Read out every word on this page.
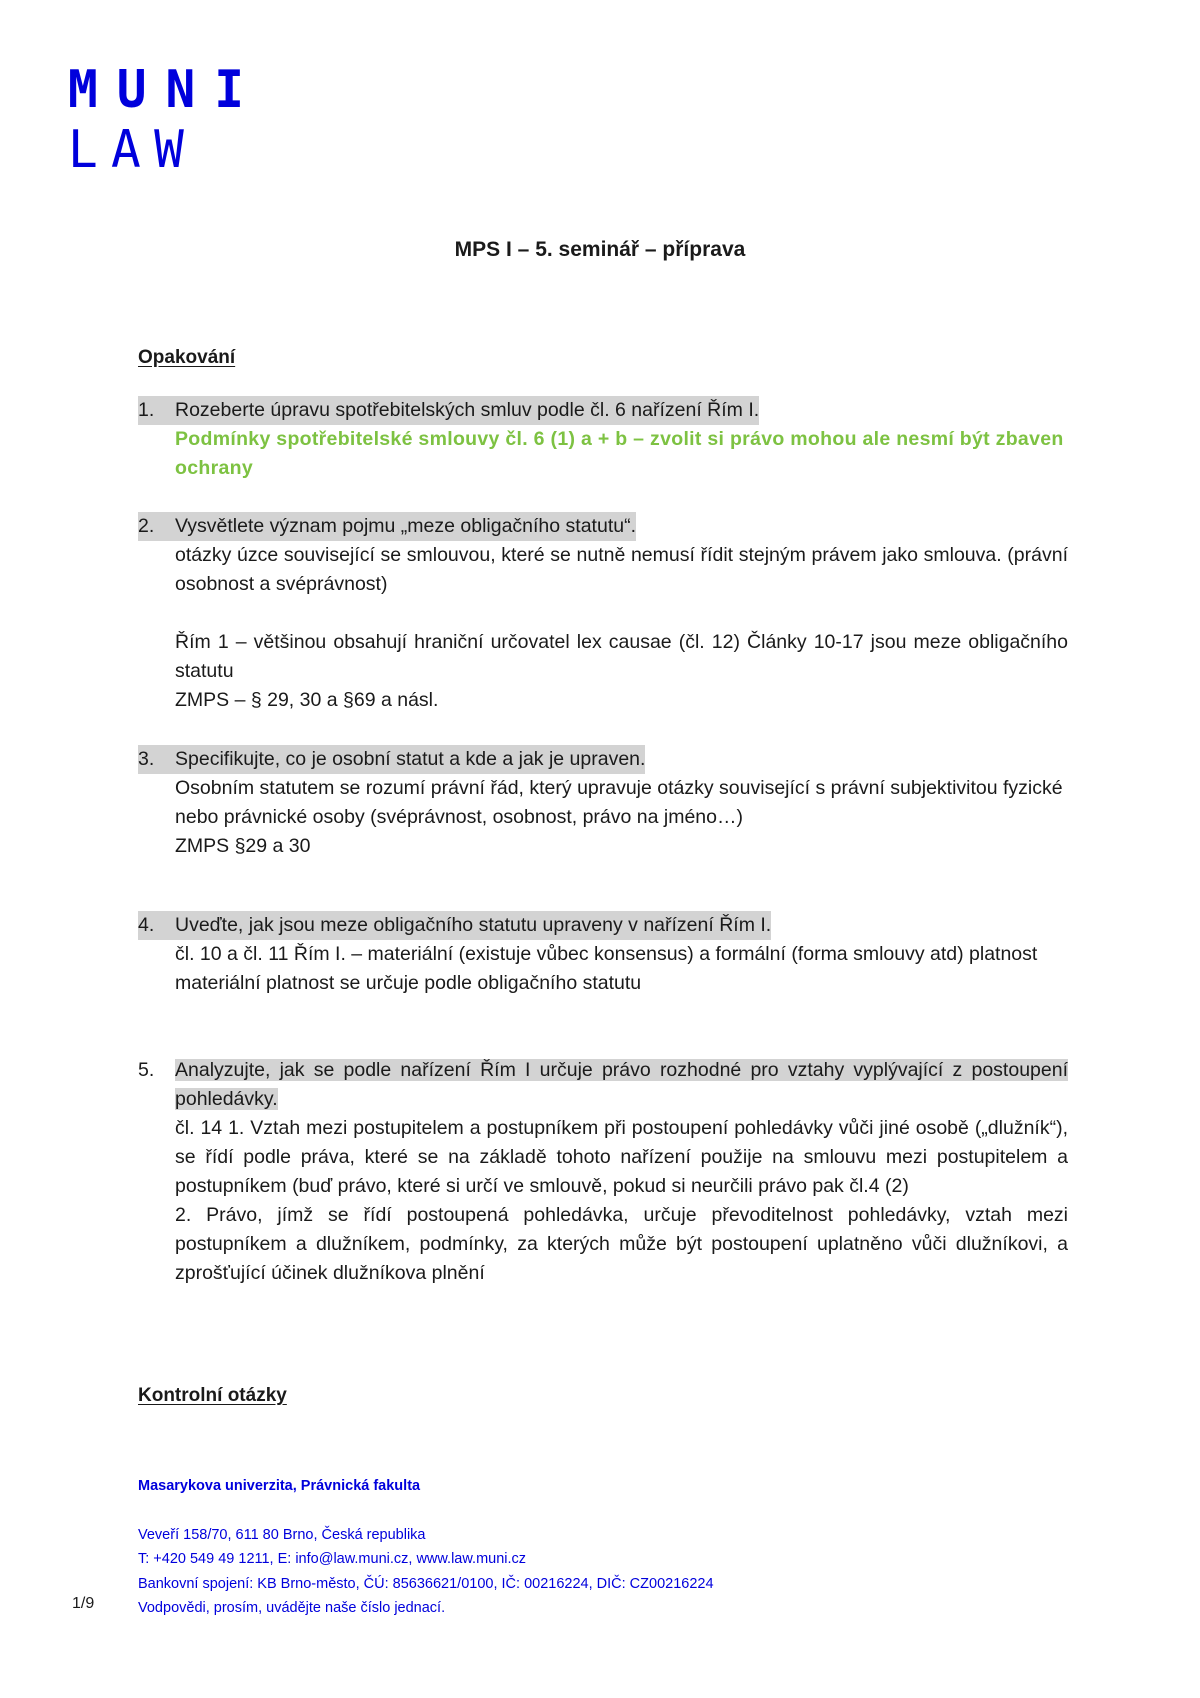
MUNI
LAW
MPS I – 5. seminář – příprava
Opakování
1. Rozeberte úpravu spotřebitelských smluv podle čl. 6 nařízení Řím I.
Podmínky spotřebitelské smlouvy čl. 6 (1) a + b – zvolit si právo mohou ale nesmí být zbaven ochrany
2. Vysvětlete význam pojmu „meze obligačního statutu“.

otázky úzce související se smlouvou, které se nutně nemusí řídit stejným právem jako smlouva. (právní osobnost a svéprávnost)

Řím 1 – většinou obsahují hraniční určovatel lex causae (čl. 12) Články 10-17 jsou meze obligačního statutu

ZMPS – § 29, 30 a §69 a násl.

3. Specifikujte, co je osobní statut a kde a jak je upraven.

Osobním statutem se rozumí právní řád, který upravuje otázky související s právní subjektivitou fyzické nebo právnické osoby (svéprávnost, osobnost, právo na jméno…)

ZMPS §29 a 30

4. Uveďte, jak jsou meze obligačního statutu upraveny v nařízení Řím I.

čl. 10 a čl. 11 Řím I. – materiální (existuje vůbec konsensus) a formální (forma smlouvy atd) platnost

materiální platnost se určuje podle obligačního statutu

5. Analyzujte, jak se podle nařízení Řím I určuje právo rozhodné pro vztahy vyplývající z postoupení pohledávky.

čl. 14 1. Vztah mezi postupitelem a postupníkem při postoupení pohledávky vůči jiné osobě („dlužník“), se řídí podle práva, které se na základě tohoto nařízení použije na smlouvu mezi postupitelem a postupníkem (buď právo, které si určí ve smlouvě, pokud si neurčili právo pak čl.4 (2)

2. Právo, jímž se řídí postoupená pohledávka, určuje převoditelnost pohledávky, vztah mezi postupníkem a dlužníkem, podmínky, za kterých může být postoupení uplatněno vůči dlužníkovi, a zprošťující účinek dlužníkova plnění

Kontrolní otázky
Masarykova univerzita, Právnická fakulta
Veveří 158/70, 611 80 Brno, Česká republika
T: +420 549 49 1211, E: info@law.muni.cz, www.law.muni.cz
Bankovní spojení: KB Brno-město, ČÚ: 85636621/0100, IČ: 00216224, DIČ: CZ00216224
Vodpovědi, prosím, uvádějte naše číslo jednací.
1/9
